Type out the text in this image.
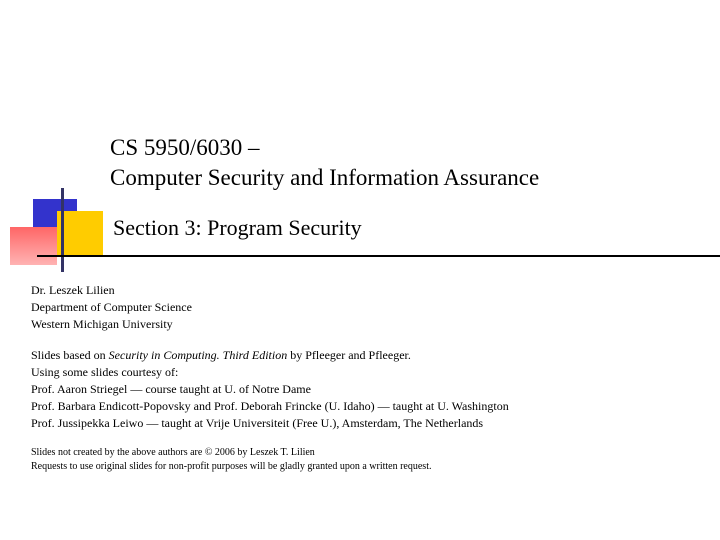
CS 5950/6030 –
Computer Security and Information Assurance
Section 3: Program Security
Dr. Leszek Lilien
Department of Computer Science
Western Michigan University
Slides based on Security in Computing. Third Edition by Pfleeger and Pfleeger.
Using some slides courtesy of:
Prof. Aaron Striegel — course taught at U. of Notre Dame
Prof. Barbara Endicott-Popovsky and Prof. Deborah Frincke (U. Idaho) — taught at U. Washington
Prof. Jussipekka Leiwo — taught at Vrije Universiteit (Free U.), Amsterdam, The Netherlands
Slides not created by the above authors are © 2006 by Leszek T. Lilien
Requests to use original slides for non-profit purposes will be gladly granted upon a written request.
